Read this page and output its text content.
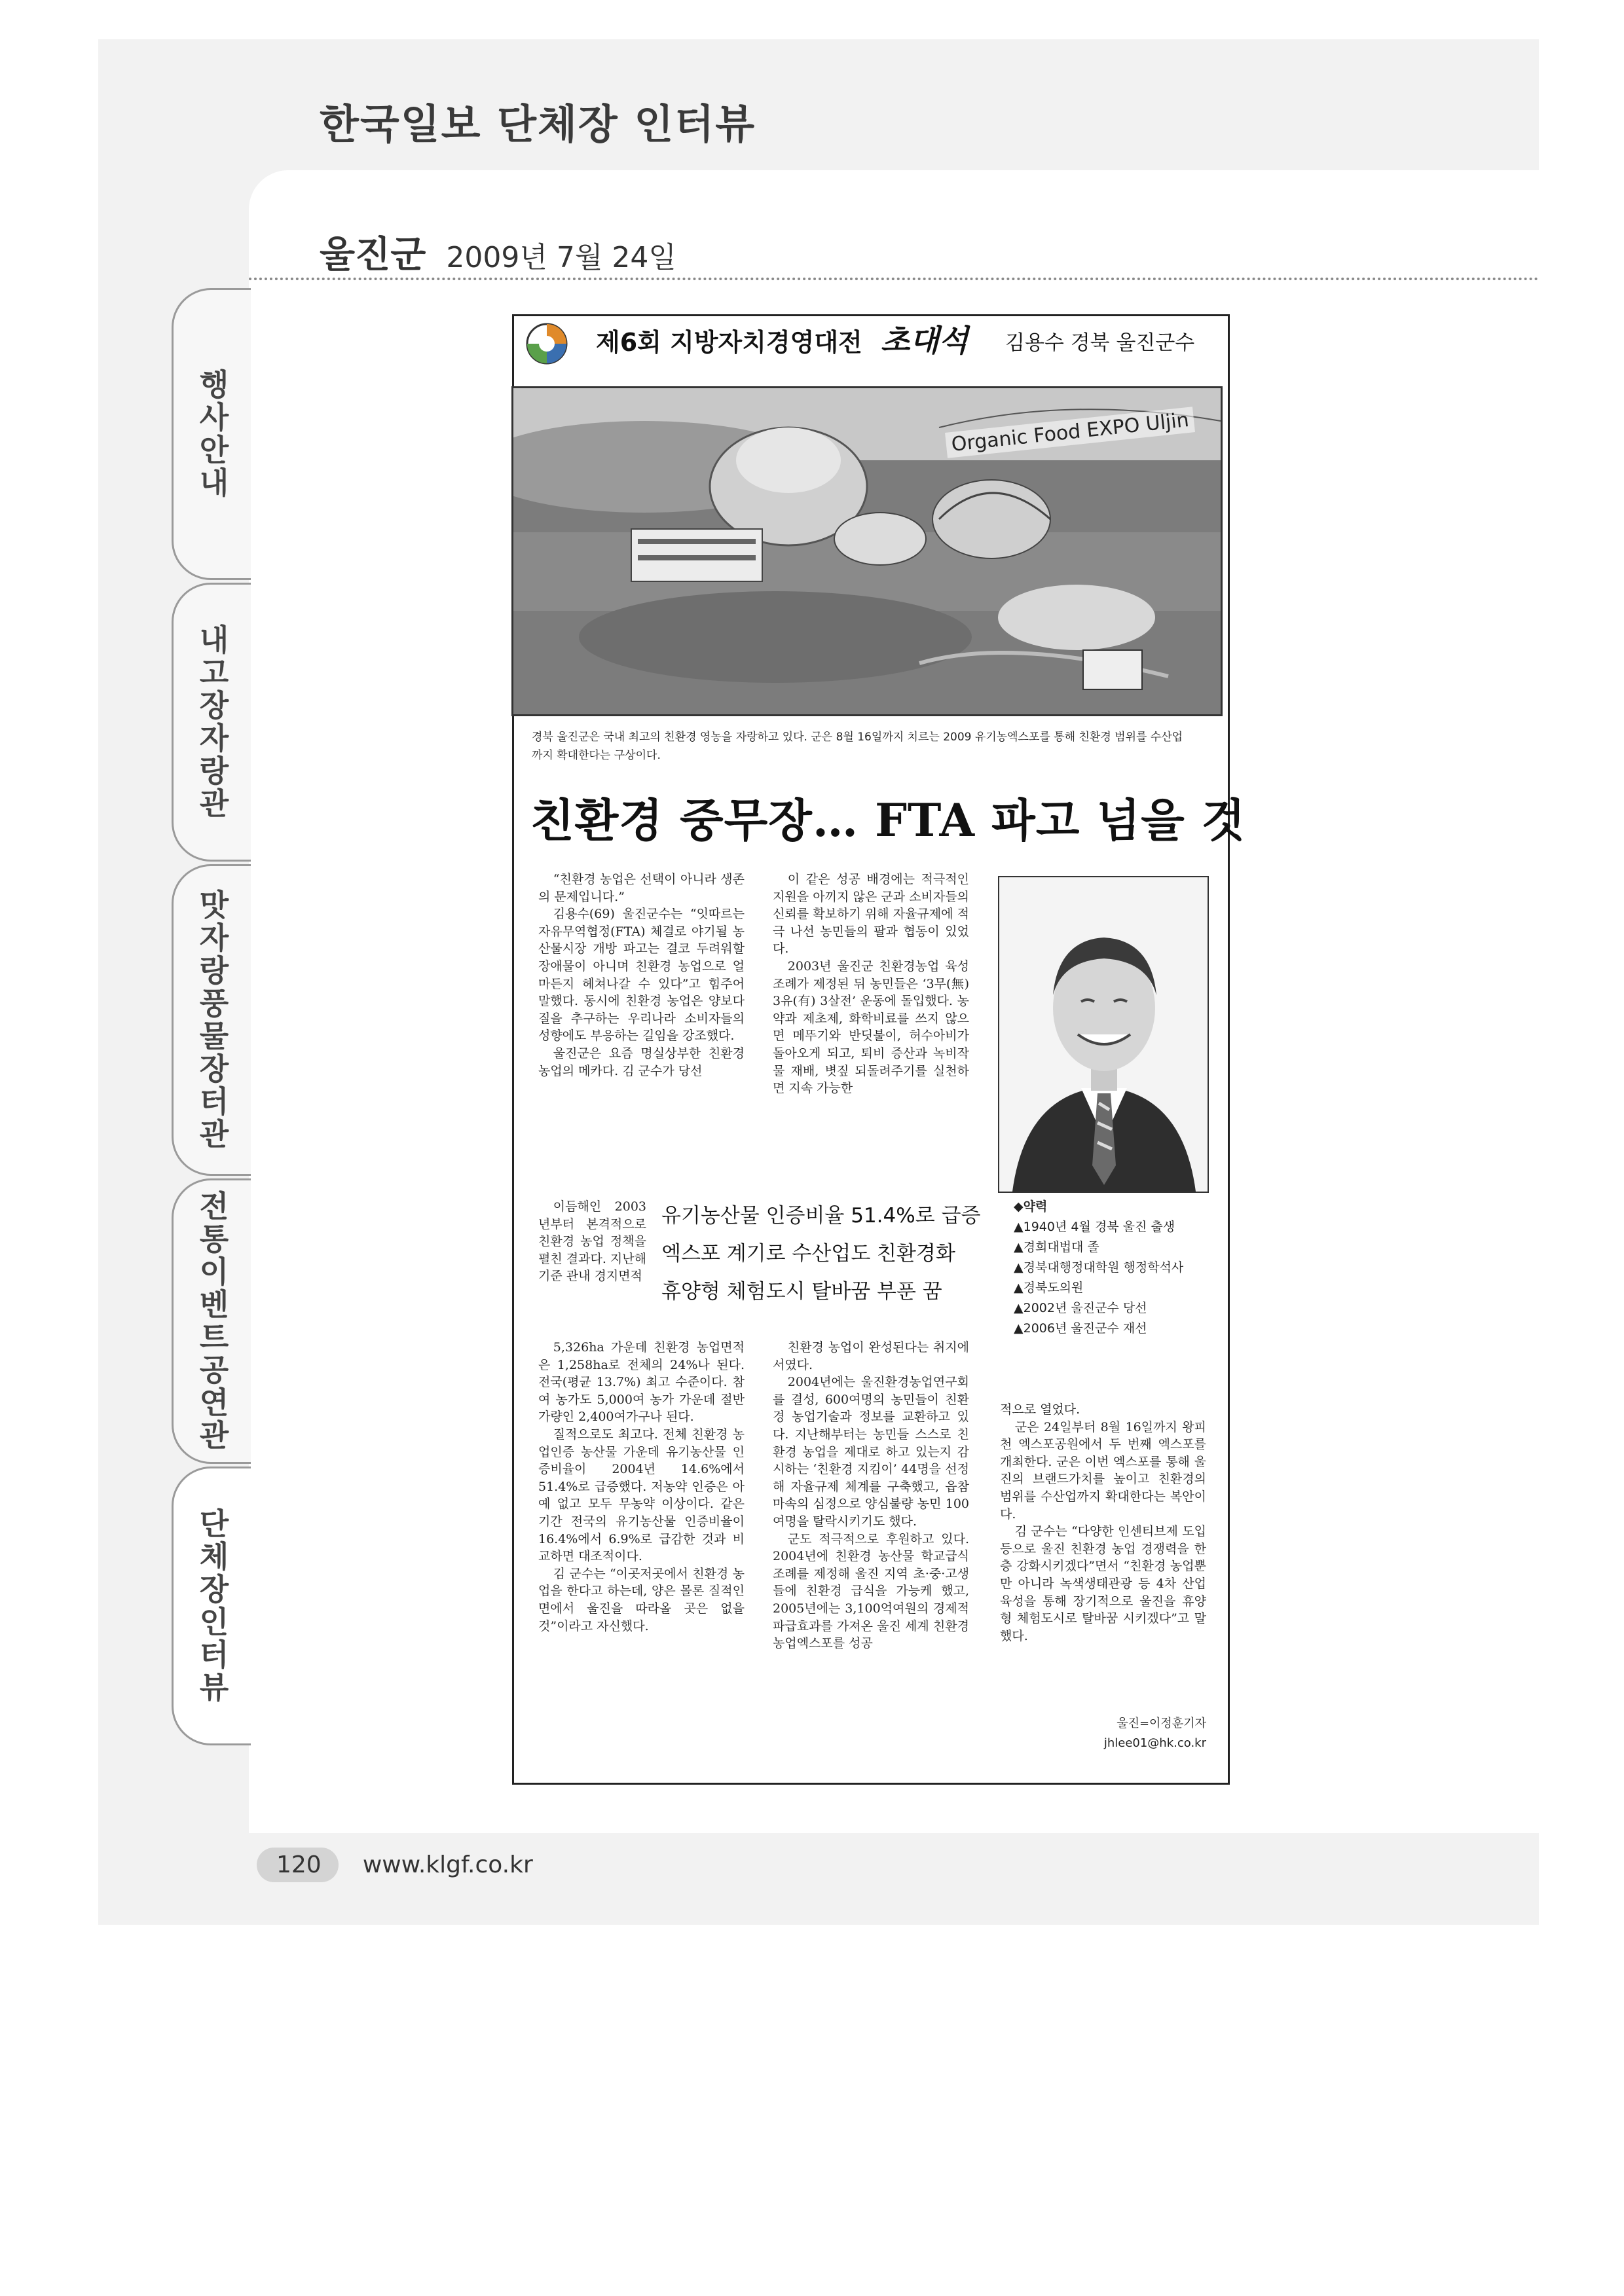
한국일보 단체장 인터뷰
울진군 2009년 7월 24일
행사안내
내고장자랑관
맛자랑풍물장터관
전통이벤트공연관
단체장인터뷰
제6회 지방자치경영대전 초대석 김용수 경북 울진군수
Organic Food EXPO Uljin
경북 울진군은 국내 최고의 친환경 영농을 자랑하고 있다. 군은 8월 16일까지 치르는 2009 유기농엑스포를 통해 친환경 범위를 수산업까지 확대한다는 구상이다.
친환경 중무장… FTA 파고 넘을 것

“친환경 농업은 선택이 아니라 생존의 문제입니다.”

김용수(69) 울진군수는 “잇따르는 자유무역협정(FTA) 체결로 야기될 농산물시장 개방 파고는 결코 두려워할 장애물이 아니며 친환경 농업으로 얼마든지 헤쳐나갈 수 있다”고 힘주어 말했다. 동시에 친환경 농업은 양보다 질을 추구하는 우리나라 소비자들의 성향에도 부응하는 길임을 강조했다.

울진군은 요즘 명실상부한 친환경 농업의 메카다. 김 군수가 당선

이듬해인 2003년부터 본격적으로 친환경 농업 정책을 펼친 결과다. 지난해 기준 관내 경지면적

5,326ha 가운데 친환경 농업면적은 1,258ha로 전체의 24%나 된다. 전국(평균 13.7%) 최고 수준이다. 참여 농가도 5,000여 농가 가운데 절반가량인 2,400여가구나 된다.

질적으로도 최고다. 전체 친환경 농업인증 농산물 가운데 유기농산물 인증비율이 2004년 14.6%에서 51.4%로 급증했다. 저농약 인증은 아예 없고 모두 무농약 이상이다. 같은 기간 전국의 유기농산물 인증비율이 16.4%에서 6.9%로 급감한 것과 비교하면 대조적이다.

김 군수는 “이곳저곳에서 친환경 농업을 한다고 하는데, 양은 몰론 질적인 면에서 울진을 따라올 곳은 없을 것”이라고 자신했다.

이 같은 성공 배경에는 적극적인 지원을 아끼지 않은 군과 소비자들의 신뢰를 확보하기 위해 자율규제에 적극 나선 농민들의 팔과 협동이 있었다.

2003년 울진군 친환경농업 육성조례가 제정된 뒤 농민들은 ‘3무(無) 3유(有) 3살전’ 운동에 돌입했다. 농약과 제초제, 화학비료를 쓰지 않으면 메뚜기와 반딧불이, 허수아비가 돌아오게 되고, 퇴비 증산과 녹비작물 재배, 볏짚 되돌려주기를 실천하면 지속 가능한

친환경 농업이 완성된다는 취지에서였다.

2004년에는 울진환경농업연구회를 결성, 600여명의 농민들이 친환경 농업기술과 정보를 교환하고 있다. 지난해부터는 농민들 스스로 친환경 농업을 제대로 하고 있는지 감시하는 ‘친환경 지킴이’ 44명을 선정해 자율규제 체계를 구축했고, 읍참마속의 심정으로 양심불량 농민 100여명을 탈락시키기도 했다.

군도 적극적으로 후원하고 있다. 2004년에 친환경 농산물 학교급식조례를 제정해 울진 지역 초·중·고생들에 친환경 급식을 가능케 했고, 2005년에는 3,100억여원의 경제적 파급효과를 가져온 울진 세계 친환경농업엑스포를 성공

유기농산물 인증비율 51.4%로 급증
엑스포 계기로 수산업도 친환경화
휴양형 체험도시 탈바꿈 부푼 꿈
◆약력
▲1940년 4월 경북 울진 출생
▲경희대법대 졸
▲경북대행정대학원 행정학석사
▲경북도의원
▲2002년 울진군수 당선
▲2006년 울진군수 재선

적으로 열었다.

군은 24일부터 8월 16일까지 왕피천 엑스포공원에서 두 번째 엑스포를 개최한다. 군은 이번 엑스포를 통해 울진의 브랜드가치를 높이고 친환경의 범위를 수산업까지 확대한다는 복안이다.

김 군수는 “다양한 인센티브제 도입 등으로 울진 친환경 농업 경쟁력을 한층 강화시키겠다”면서 “친환경 농업뿐만 아니라 녹색생태관광 등 4차 산업 육성을 통해 장기적으로 울진을 휴양형 체험도시로 탈바꿈 시키겠다”고 말했다.

울진=이정훈기자
jhlee01@hk.co.kr
120 www.klgf.co.kr
